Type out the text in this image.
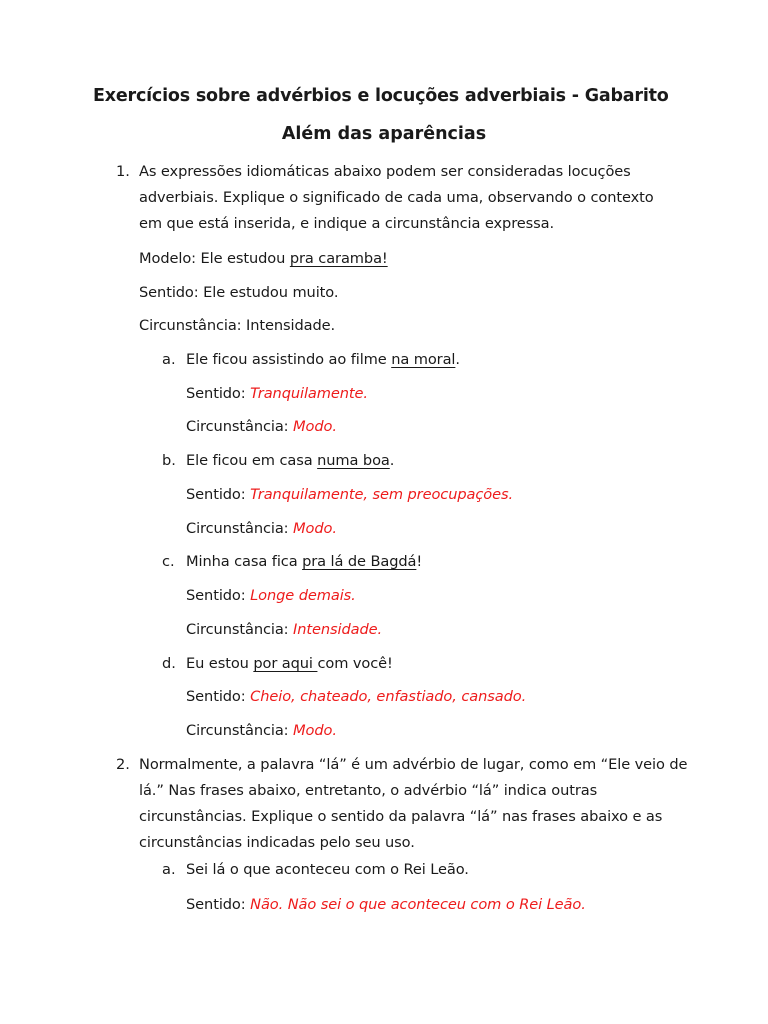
Exercícios sobre advérbios e locuções adverbiais - Gabarito
Além das aparências
1. As expressões idiomáticas abaixo podem ser consideradas locuções

adverbiais. Explique o significado de cada uma, observando o contexto

em que está inserida, e indique a circunstância expressa.

Modelo: Ele estudou pra caramba!

Sentido: Ele estudou muito.

Circunstância: Intensidade.

a. Ele ficou assistindo ao filme na moral.

Sentido: Tranquilamente.

Circunstância: Modo.

b. Ele ficou em casa numa boa.

Sentido: Tranquilamente, sem preocupações.

Circunstância: Modo.

c. Minha casa fica pra lá de Bagdá!

Sentido: Longe demais.

Circunstância: Intensidade.

d. Eu estou por aqui com você!

Sentido: Cheio, chateado, enfastiado, cansado.

Circunstância: Modo.

2. Normalmente, a palavra “lá” é um advérbio de lugar, como em “Ele veio de

lá.” Nas frases abaixo, entretanto, o advérbio “lá” indica outras

circunstâncias. Explique o sentido da palavra “lá” nas frases abaixo e as

circunstâncias indicadas pelo seu uso.

a. Sei lá o que aconteceu com o Rei Leão.

Sentido: Não. Não sei o que aconteceu com o Rei Leão.
